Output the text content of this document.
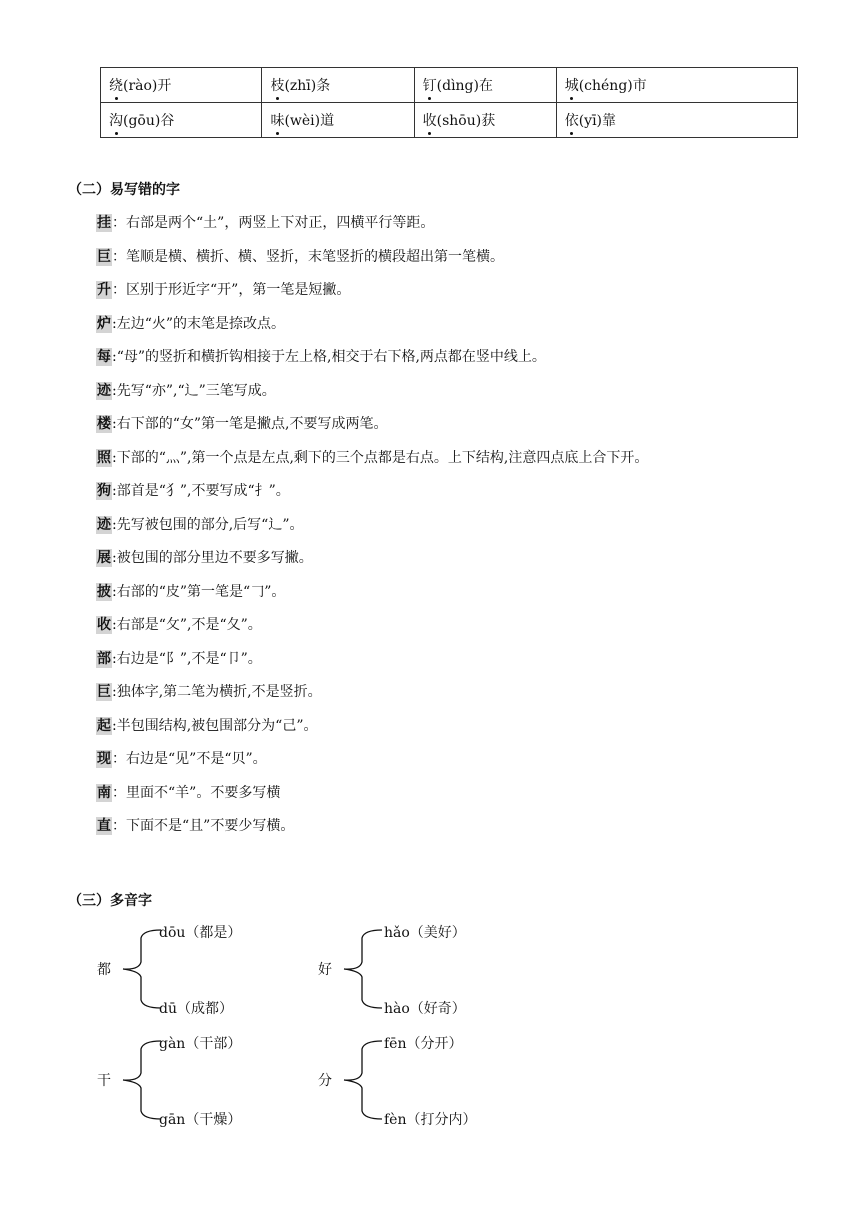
绕(rào)开	枝(zhī)条	钉(dìng)在	城(chéng)市
沟(gōu)谷	味(wèi)道	收(shōu)获	依(yī)靠
（二）易写错的字
挂：右部是两个“土”，两竖上下对正，四横平行等距。
巨：笔顺是横、横折、横、竖折，末笔竖折的横段超出第一笔横。
升：区别于形近字“开”，第一笔是短撇。
炉:左边“火”的末笔是捺改点。
每:“母”的竖折和横折钩相接于左上格,相交于右下格,两点都在竖中线上。
迹:先写“亦”,“辶”三笔写成。
楼:右下部的“女”第一笔是撇点,不要写成两笔。
照:下部的“灬”,第一个点是左点,剩下的三个点都是右点。上下结构,注意四点底上合下开。
狗:部首是“犭”,不要写成“扌”。
迹:先写被包围的部分,后写“辶”。
展:被包围的部分里边不要多写撇。
披:右部的“皮”第一笔是“𠃌”。
收:右部是“攵”,不是“夂”。
部:右边是“阝”,不是“卩”。
巨:独体字,第二笔为横折,不是竖折。
起:半包围结构,被包围部分为“己”。
现：右边是“见”不是“贝”。
南：里面不“羊”。不要多写横
直：下面不是“且”不要少写横。
（三）多音字
都
dōu（都是）
dū（成都）
好
hǎo（美好）
hào（好奇）
干
gàn（干部）
gān（干燥）
分
fēn（分开）
fèn（打分内）
